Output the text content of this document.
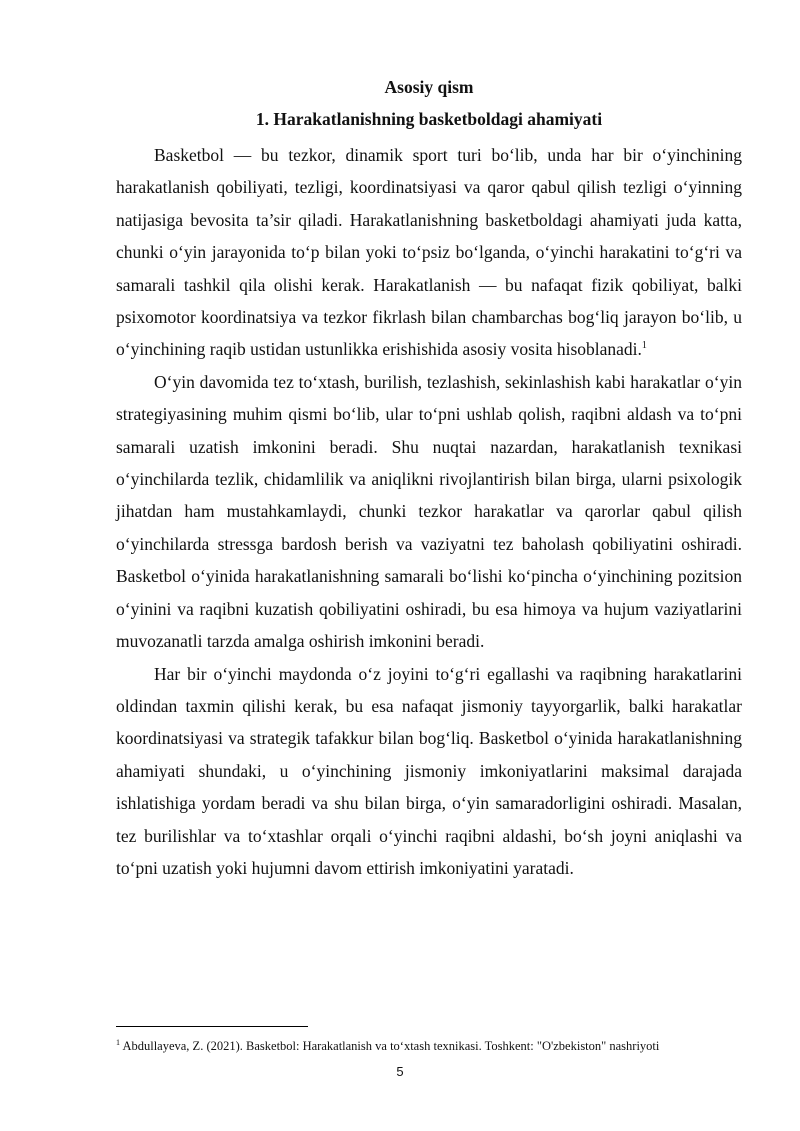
Asosiy qism
1. Harakatlanishning basketboldagi ahamiyati

Basketbol — bu tezkor, dinamik sport turi bo‘lib, unda har bir o‘yinchining harakatlanish qobiliyati, tezligi, koordinatsiyasi va qaror qabul qilish tezligi o‘yinning natijasiga bevosita ta’sir qiladi. Harakatlanishning basketboldagi ahamiyati juda katta, chunki o‘yin jarayonida to‘p bilan yoki to‘psiz bo‘lganda, o‘yinchi harakatini to‘g‘ri va samarali tashkil qila olishi kerak. Harakatlanish — bu nafaqat fizik qobiliyat, balki psixomotor koordinatsiya va tezkor fikrlash bilan chambarchas bog‘liq jarayon bo‘lib, u o‘yinchining raqib ustidan ustunlikka erishishida asosiy vosita hisoblanadi.$^1$

O‘yin davomida tez to‘xtash, burilish, tezlashish, sekinlashish kabi harakatlar o‘yin strategiyasining muhim qismi bo‘lib, ular to‘pni ushlab qolish, raqibni aldash va to‘pni samarali uzatish imkonini beradi. Shu nuqtai nazardan, harakatlanish texnikasi o‘yinchilarda tezlik, chidamlilik va aniqlikni rivojlantirish bilan birga, ularni psixologik jihatdan ham mustahkamlaydi, chunki tezkor harakatlar va qarorlar qabul qilish o‘yinchilarda stressga bardosh berish va vaziyatni tez baholash qobiliyatini oshiradi. Basketbol o‘yinida harakatlanishning samarali bo‘lishi ko‘pincha o‘yinchining pozitsion o‘yinini va raqibni kuzatish qobiliyatini oshiradi, bu esa himoya va hujum vaziyatlarini muvozanatli tarzda amalga oshirish imkonini beradi.

Har bir o‘yinchi maydonda o‘z joyini to‘g‘ri egallashi va raqibning harakatlarini oldindan taxmin qilishi kerak, bu esa nafaqat jismoniy tayyorgarlik, balki harakatlar koordinatsiyasi va strategik tafakkur bilan bog‘liq. Basketbol o‘yinida harakatlanishning ahamiyati shundaki, u o‘yinchining jismoniy imkoniyatlarini maksimal darajada ishlatishiga yordam beradi va shu bilan birga, o‘yin samaradorligini oshiradi. Masalan, tez burilishlar va to‘xtashlar orqali o‘yinchi raqibni aldashi, bo‘sh joyni aniqlashi va to‘pni uzatish yoki hujumni davom ettirish imkoniyatini yaratadi.

$^1$ Abdullayeva, Z. (2021). Basketbol: Harakatlanish va to‘xtash texnikasi. Toshkent: "O'zbekiston" nashriyoti
5
